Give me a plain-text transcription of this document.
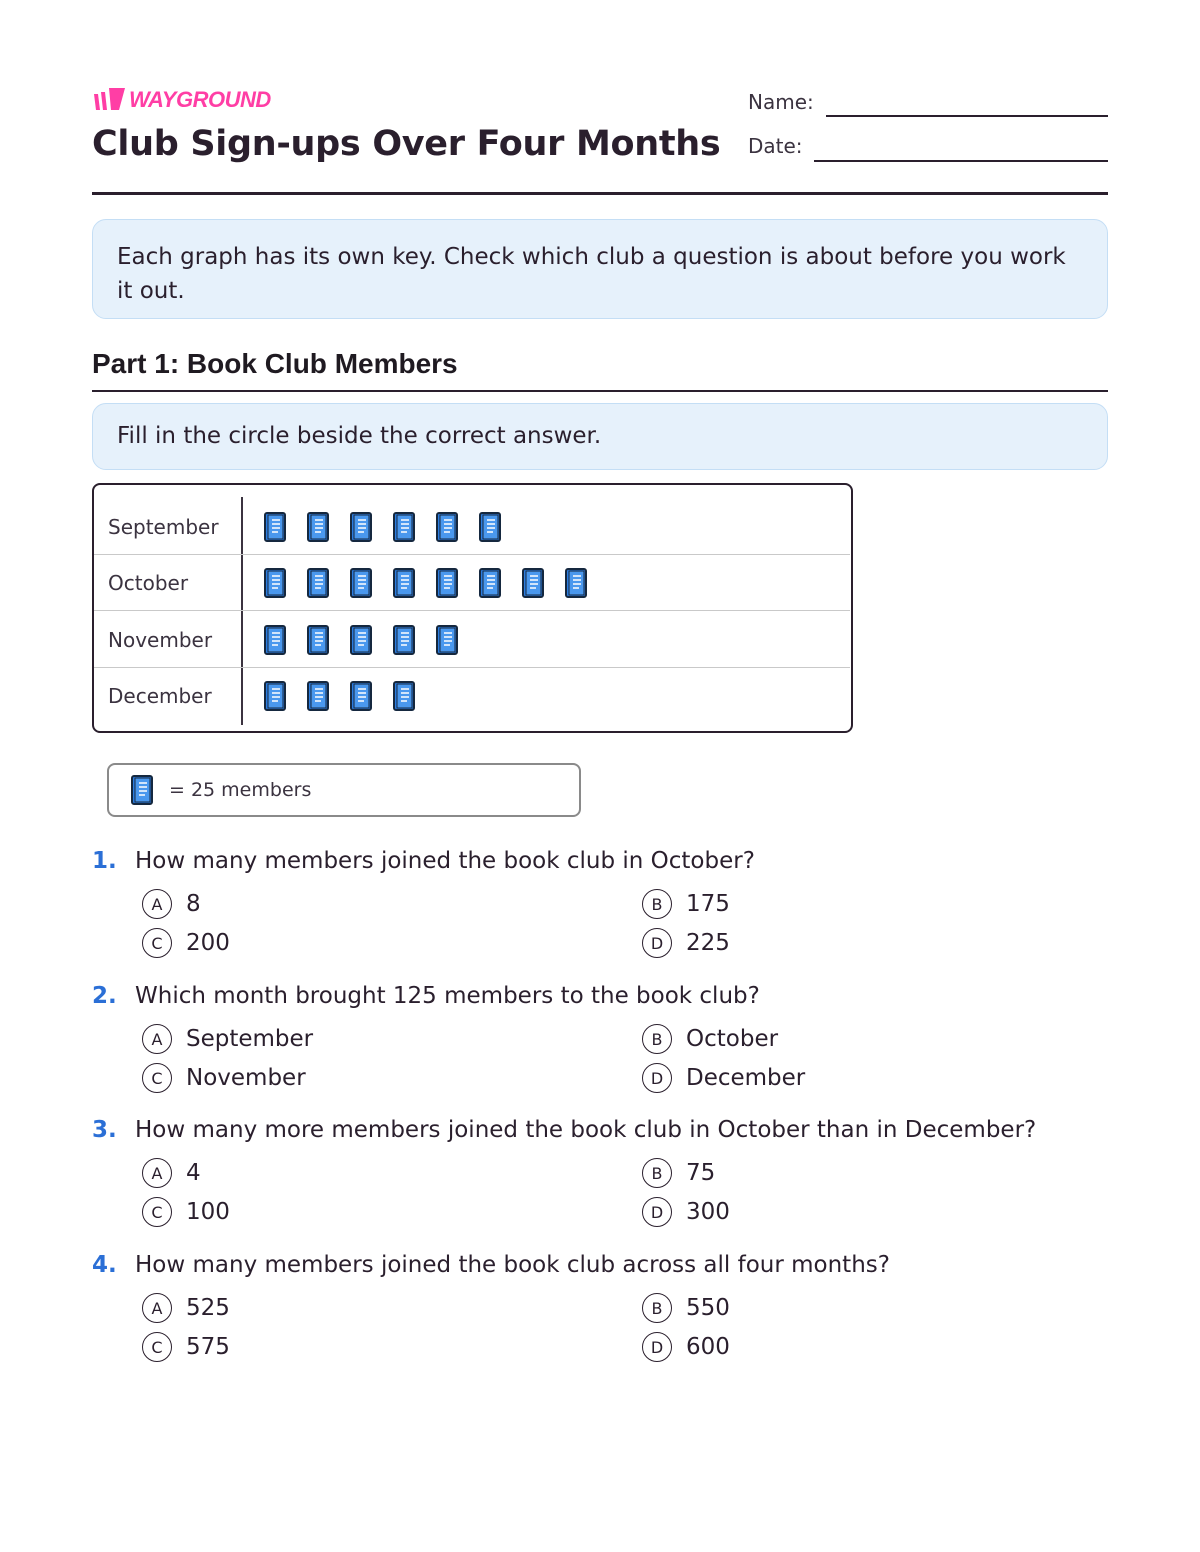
WAYGROUND
Club Sign-ups Over Four Months
Name:
Date:
Each graph has its own key. Check which club a question is about before you work it out.
Part 1: Book Club Members
Fill in the circle beside the correct answer.
September
October
November
December
= 25 members
1. How many members joined the book club in October?
A	8	B	175
C	200	D 225
2. Which month brought 125 members to the book club?
A	September	B	October
C	November	D December
3. How many more members joined the book club in October than in December?
A	4	B	75
C	100	D 300
4. How many members joined the book club across all four months?
A	525	B	550
C	575	D 600
